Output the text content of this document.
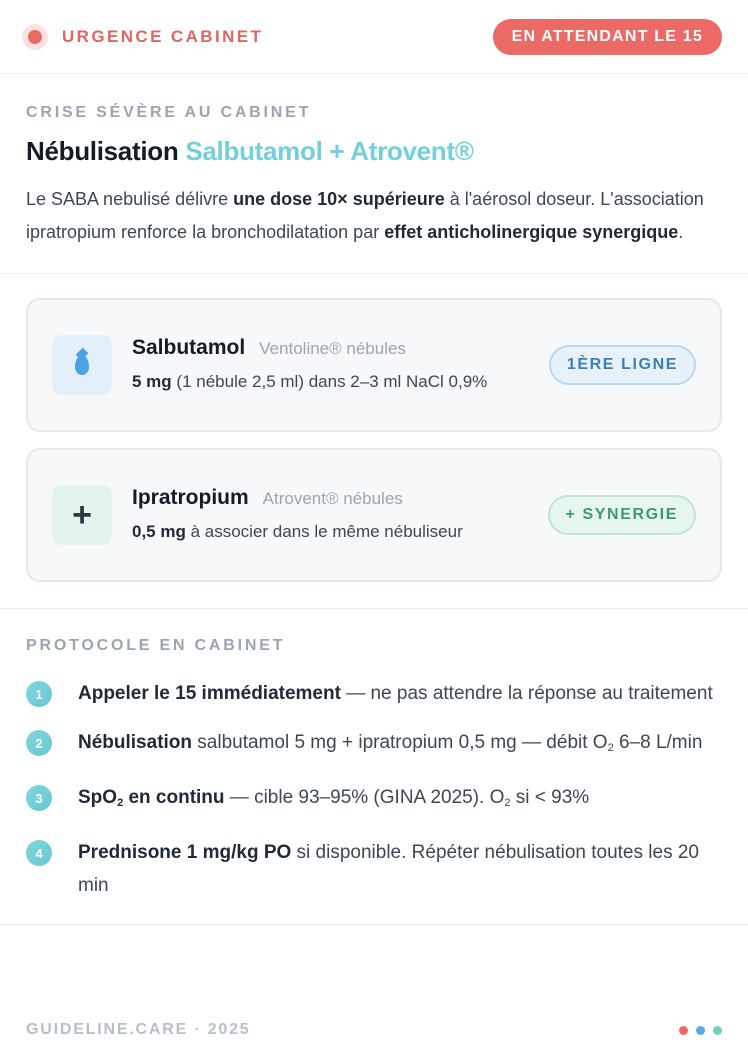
URGENCE CABINET	EN ATTENDANT LE 15
CRISE SÉVÈRE AU CABINET
Nébulisation Salbutamol + Atrovent®

Le SABA nebulisé délivre une dose 10× supérieure à l'aérosol doseur. L'association ipratropium renforce la bronchodilatation par effet anticholinergique synergique.

Salbutamol Ventoline® nébules
5 mg (1 nébule 2,5 ml) dans 2–3 ml NaCl 0,9%
1ÈRE LIGNE
+ Ipratropium Atrovent® nébules
0,5 mg à associer dans le même nébuliseur
+ SYNERGIE
PROTOCOLE EN CABINET
1	Appeler le 15 immédiatement — ne pas attendre la réponse au traitement
2	Nébulisation salbutamol 5 mg + ipratropium 0,5 mg — débit $O_2$ 6–8 L/min
3	SpO$_2$ en continu — cible 93–95% (GINA 2025). $O_2$ si < 93%
4	Prednisone 1 mg/kg PO si disponible. Répéter nébulisation toutes les 20 min
GUIDELINE.CARE · 2025
